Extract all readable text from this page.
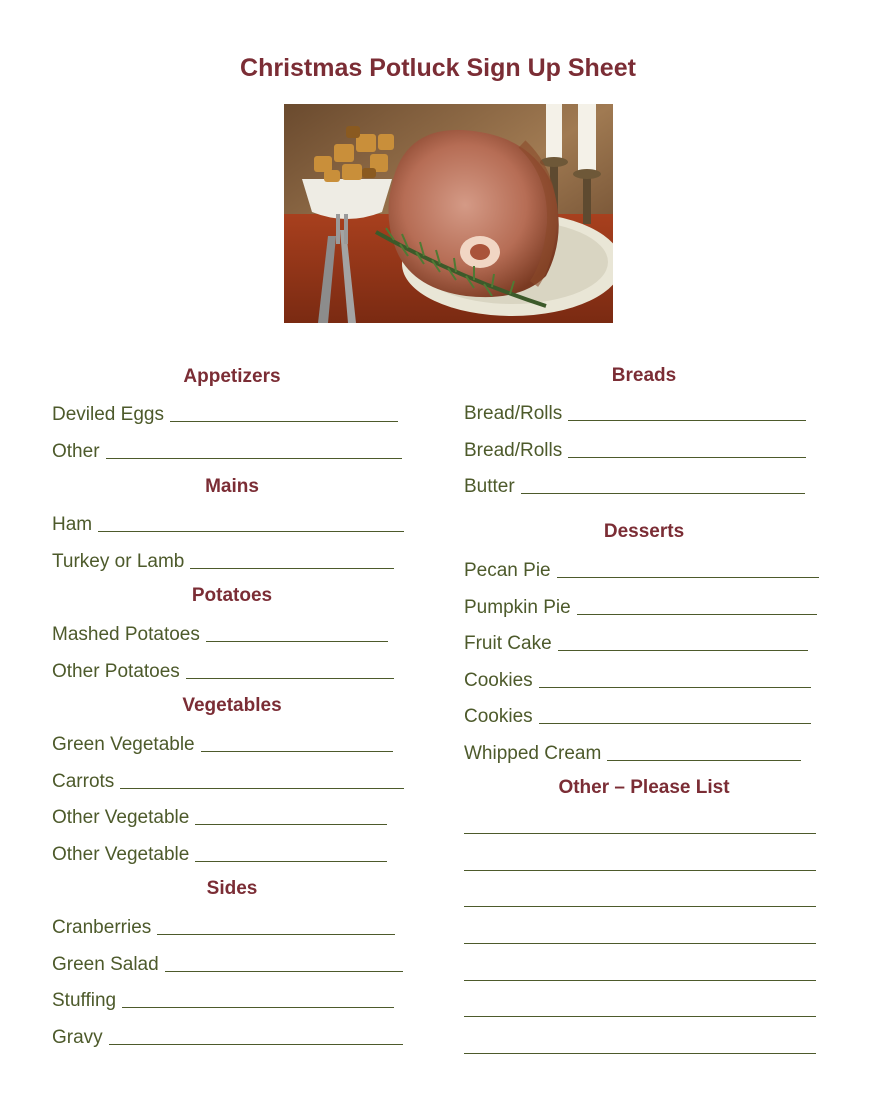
Christmas Potluck Sign Up Sheet
Appetizers
Deviled Eggs
Other
Mains
Ham
Turkey or Lamb
Potatoes
Mashed Potatoes
Other Potatoes
Vegetables
Green Vegetable
Carrots
Other Vegetable
Other Vegetable
Sides
Cranberries
Green Salad
Stuffing
Gravy
Breads
Bread/Rolls
Bread/Rolls
Butter
Desserts
Pecan Pie
Pumpkin Pie
Fruit Cake
Cookies
Cookies
Whipped Cream
Other – Please List
